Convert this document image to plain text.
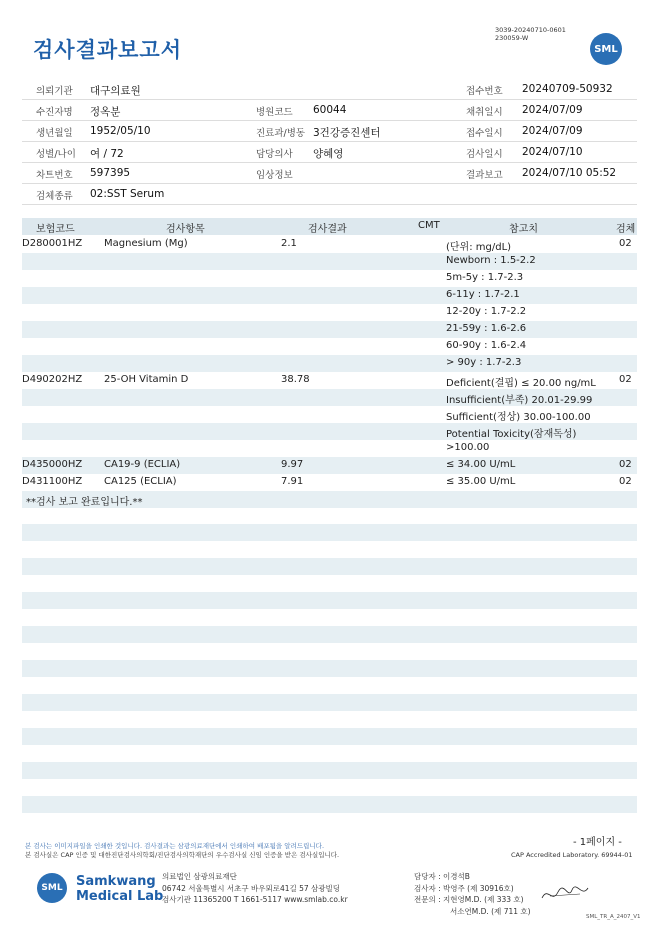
검사결과보고서
3039-20240710-0601
230059-W
SML
의뢰기관 대구의료원	접수번호 20240709-50932
수진자명 정옥분	병원코드 60044	채취일시 2024/07/09
생년월일 1952/05/10	진료과/병동 3건강증진센터	접수일시 2024/07/09
성별/나이 여 / 72	담당의사 양혜영	검사일시 2024/07/10
차트번호 597395	임상정보	결과보고 2024/07/10 05:52
검체종류 02:SST Serum
보험코드	검사항목	검사결과	CMT	참고치	검체
D280001HZ Magnesium (Mg)	2.1	(단위: mg/dL)	02
Newborn : 1.5-2.2
5m-5y : 1.7-2.3
6-11y : 1.7-2.1
12-20y : 1.7-2.2
21-59y : 1.6-2.6
60-90y : 1.6-2.4
> 90y : 1.7-2.3
D490202HZ 25-OH Vitamin D	38.78	Deficient(결핍) ≤ 20.00 ng/mL 02
Insufficient(부족) 20.01-29.99
Sufficient(정상) 30.00-100.00
Potential Toxicity(잠재독성)
>100.00
D435000HZ CA19-9 (ECLIA)	9.97	≤ 34.00 U/mL	02
D431100HZ CA125 (ECLIA)	7.91	≤ 35.00 U/mL	02
**검사 보고 완료입니다.**
- 1페이지 -
본 검사는 이미지파일을 인쇄한 것입니다. 검사결과는 삼광의료재단에서 인쇄하여 배포됨을 알려드립니다.
본 검사실은 CAP 인증 및 대한진단검사의학회/진단검사의학재단의 우수검사실 신임 인증을 받은 검사실입니다.	CAP Accredited Laboratory. 69944-01
SML	Samkwang
Medical Lab
의료법인 삼광의료재단
06742 서울특별시 서초구 바우뫼로41길 57 삼광빌딩
검사기관 11365200 T 1661-5117 www.smlab.co.kr
담당자 : 이경석B
검사자 : 박영주 (제 30916호)
전문의 : 지현영M.D. (제 333 호)
서소연M.D. (제 711 호)
SML_TR_A_2407_V1
